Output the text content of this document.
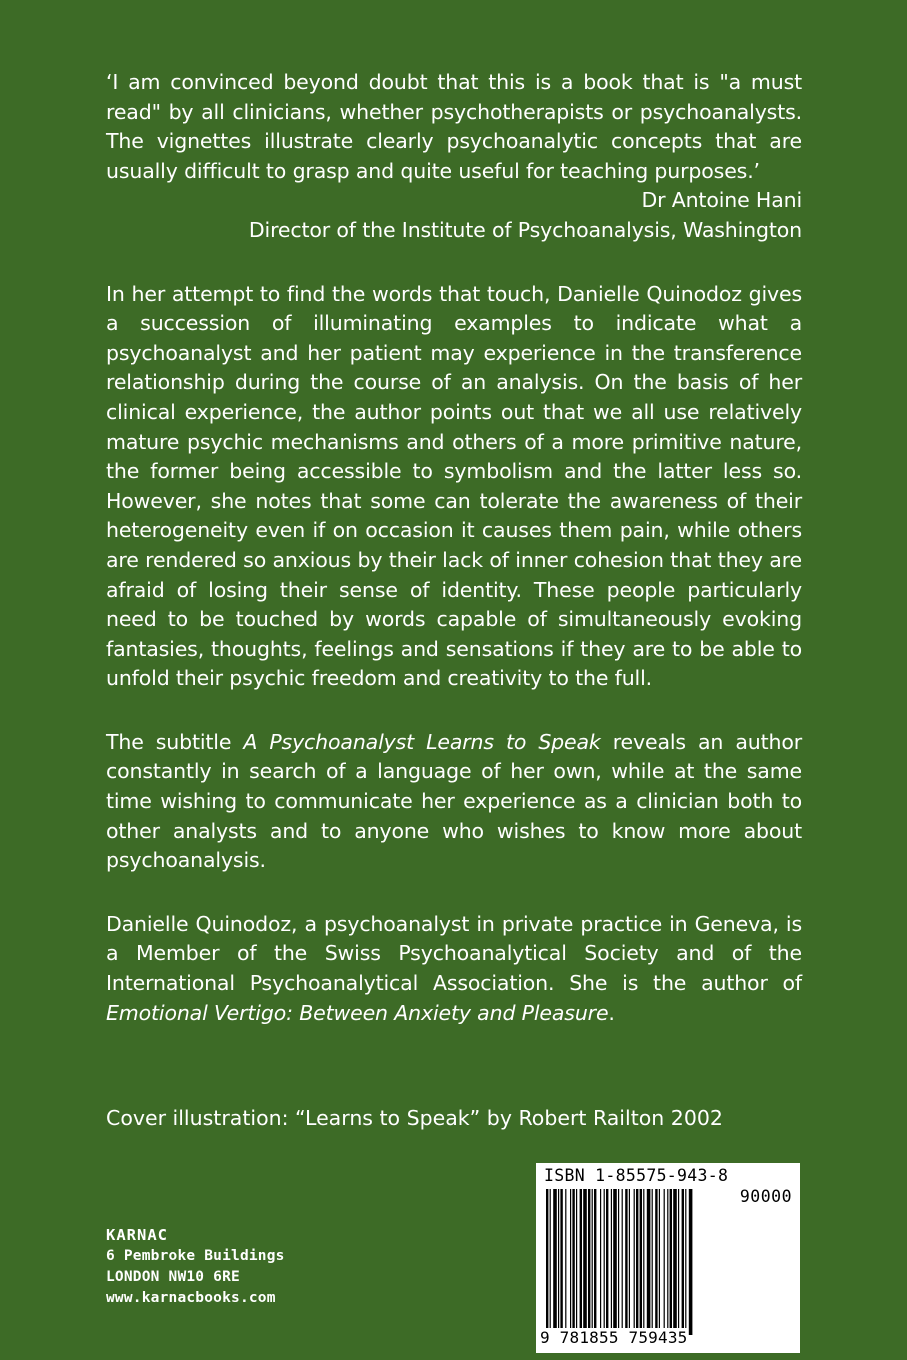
‘I am convinced beyond doubt that this is a book that is "a must read" by all clinicians, whether psychotherapists or psychoanalysts. The vignettes illustrate clearly psychoanalytic concepts that are usually difficult to grasp and quite useful for teaching purposes.’

Dr Antoine Hani

Director of the Institute of Psychoanalysis, Washington

In her attempt to find the words that touch, Danielle Quinodoz gives a succession of illuminating examples to indicate what a psychoanalyst and her patient may experience in the transference relationship during the course of an analysis. On the basis of her clinical experience, the author points out that we all use relatively mature psychic mechanisms and others of a more primitive nature, the former being accessible to symbolism and the latter less so. However, she notes that some can tolerate the awareness of their heterogeneity even if on occasion it causes them pain, while others are rendered so anxious by their lack of inner cohesion that they are afraid of losing their sense of identity. These people particularly need to be touched by words capable of simultaneously evoking fantasies, thoughts, feelings and sensations if they are to be able to unfold their psychic freedom and creativity to the full.

The subtitle A Psychoanalyst Learns to Speak reveals an author constantly in search of a language of her own, while at the same time wishing to communicate her experience as a clinician both to other analysts and to anyone who wishes to know more about psychoanalysis.

Danielle Quinodoz, a psychoanalyst in private practice in Geneva, is a Member of the Swiss Psychoanalytical Society and of the International Psychoanalytical Association. She is the author of Emotional Vertigo: Between Anxiety and Pleasure.

Cover illustration: “Learns to Speak” by Robert Railton 2002
KARNAC
6 Pembroke Buildings
LONDON NW10 6RE
www.karnacbooks.com
ISBN 1-85575-943-8
90000
9 781855 759435
